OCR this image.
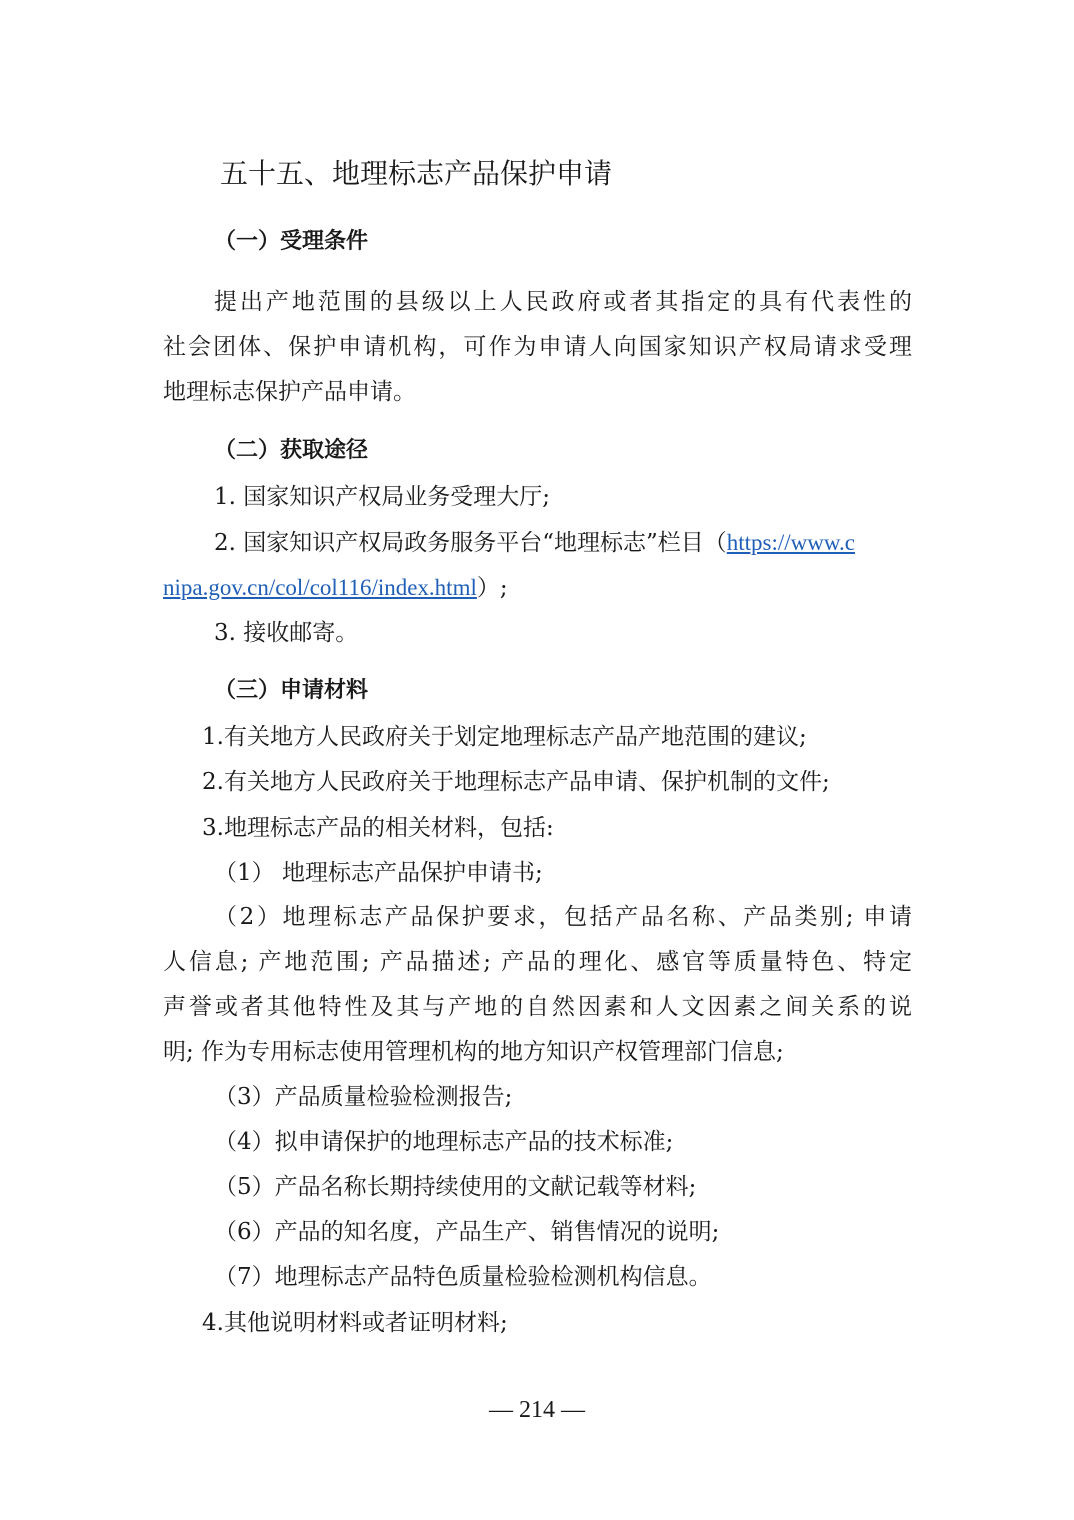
五十五、地理标志产品保护申请
（一）受理条件
提出产地范围的县级以上人民政府或者其指定的具有代表性的
社会团体、保护申请机构，可作为申请人向国家知识产权局请求受理
地理标志保护产品申请。
（二）获取途径
1. 国家知识产权局业务受理大厅;
2. 国家知识产权局政务服务平台“地理标志”栏目（https://www.c
nipa.gov.cn/col/col116/index.html）;
3. 接收邮寄。
（三）申请材料
1.有关地方人民政府关于划定地理标志产品产地范围的建议;
2.有关地方人民政府关于地理标志产品申请、保护机制的文件;
3.地理标志产品的相关材料，包括:
（1） 地理标志产品保护申请书;
（2）地理标志产品保护要求，包括产品名称、产品类别; 申请
人信息; 产地范围; 产品描述; 产品的理化、感官等质量特色、特定
声誉或者其他特性及其与产地的自然因素和人文因素之间关系的说
明; 作为专用标志使用管理机构的地方知识产权管理部门信息;
（3）产品质量检验检测报告;
（4）拟申请保护的地理标志产品的技术标准;
（5）产品名称长期持续使用的文献记载等材料;
（6）产品的知名度，产品生产、销售情况的说明;
（7）地理标志产品特色质量检验检测机构信息。
4.其他说明材料或者证明材料;
— 214 —
